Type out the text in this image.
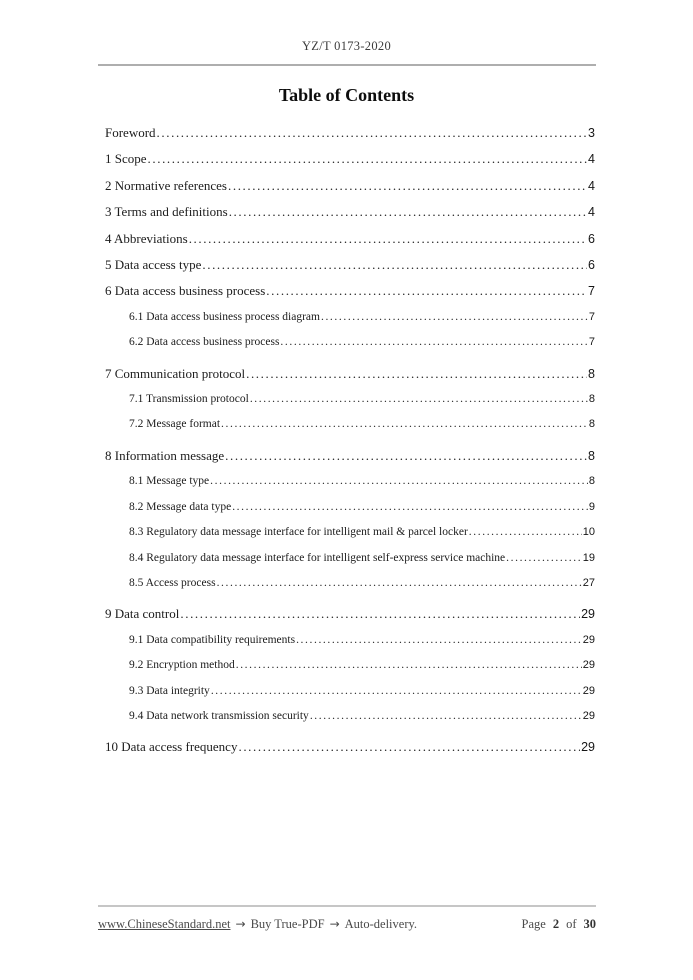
YZ/T 0173-2020
Table of Contents
Foreword .....	3
1 Scope .....	4
2 Normative references .....	4
3 Terms and definitions .....	4
4 Abbreviations .....	6
5 Data access type .....	6
6 Data access business process .....	7
6.1 Data access business process diagram .....	7
6.2 Data access business process .....	7
7 Communication protocol .....	8
7.1 Transmission protocol .....	8
7.2 Message format .....	8
8 Information message .....	8
8.1 Message type .....	8
8.2 Message data type .....	9
8.3 Regulatory data message interface for intelligent mail & parcel locker .....	10
8.4 Regulatory data message interface for intelligent self-express service machine .....	19
8.5 Access process .....	27
9 Data control .....	29
9.1 Data compatibility requirements .....	29
9.2 Encryption method .....	29
9.3 Data integrity .....	29
9.4 Data network transmission security .....	29
10 Data access frequency .....	29
www.ChineseStandard.net → Buy True-PDF → Auto-delivery.	Page 2 of 30
